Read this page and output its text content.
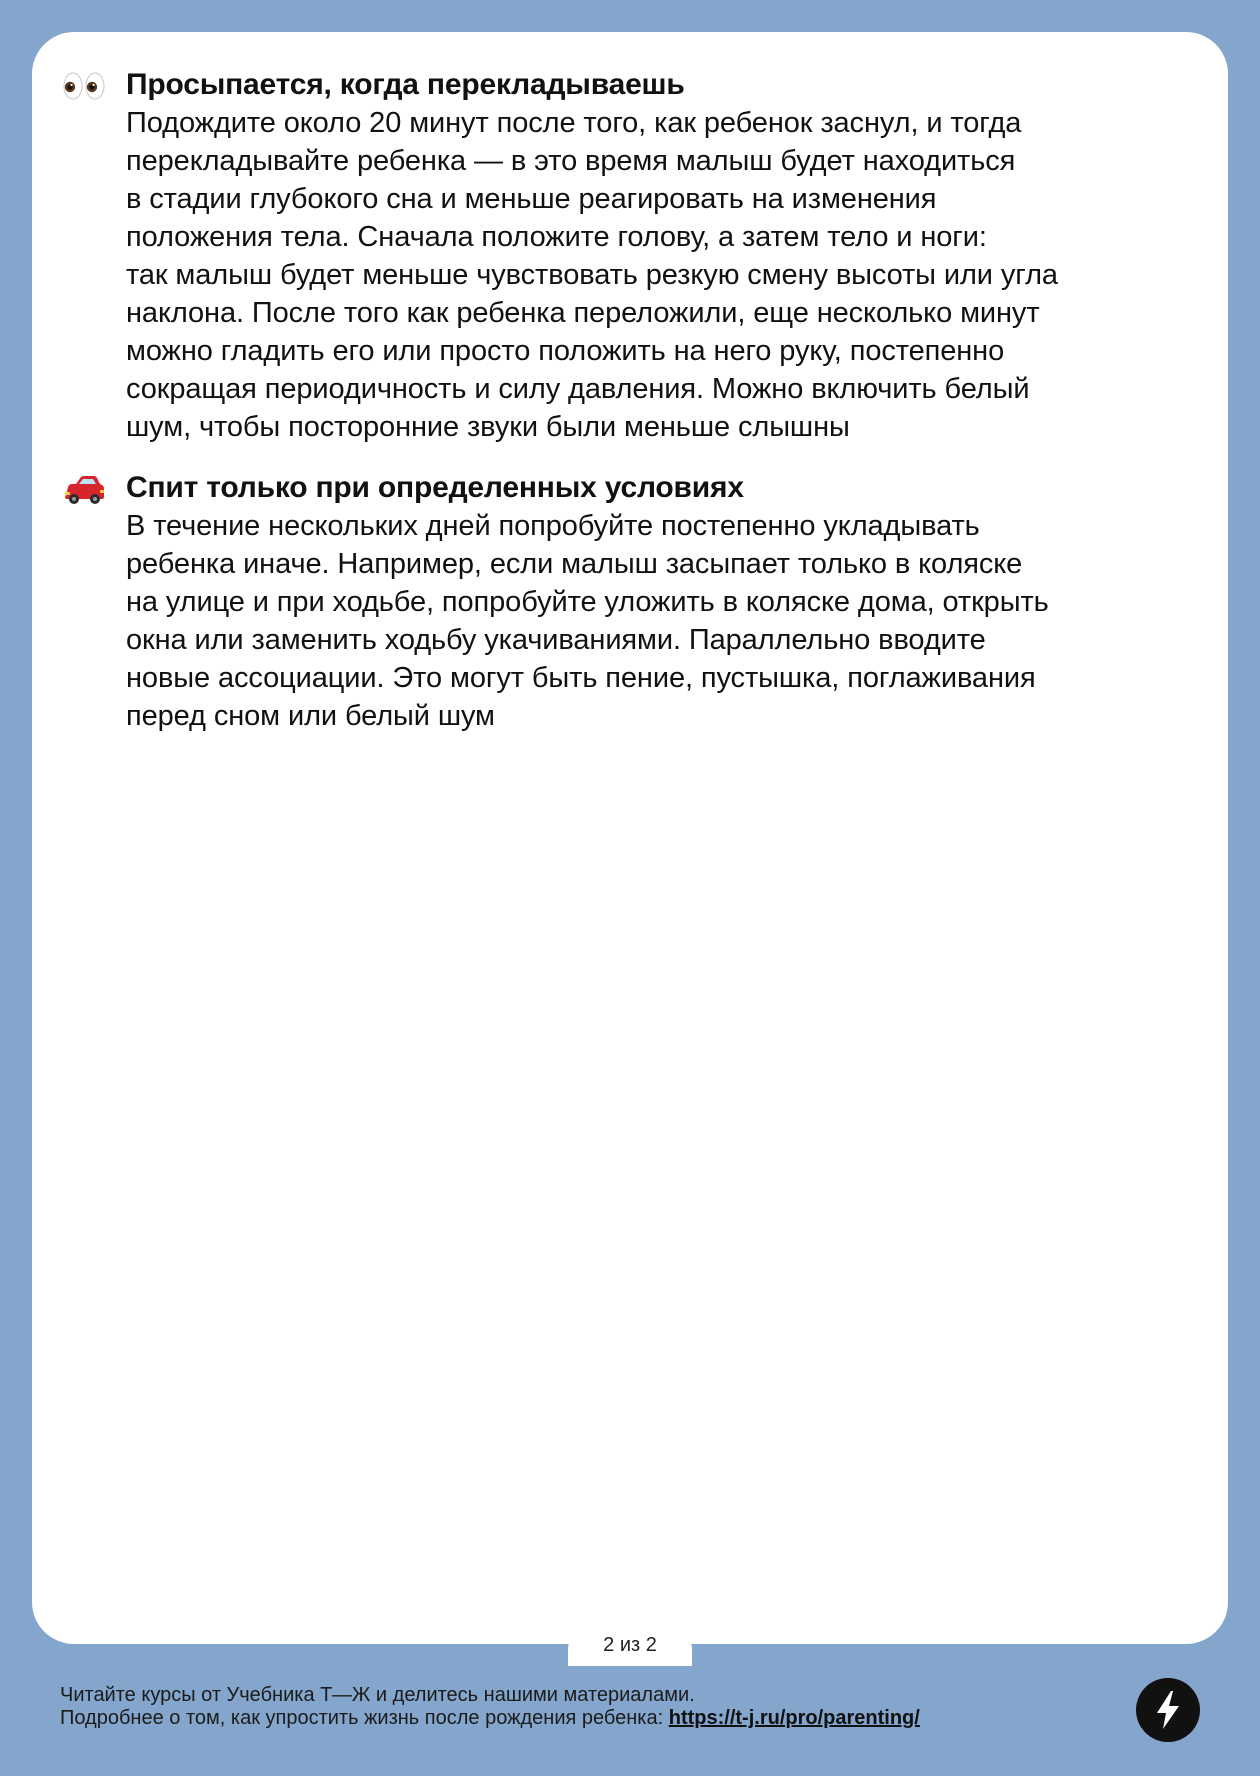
Просыпается, когда перекладываешь

Подождите около 20 минут после того, как ребенок заснул, и тогда
перекладывайте ребенка — в это время малыш будет находиться
в стадии глубокого сна и меньше реагировать на изменения
положения тела. Сначала положите голову, а затем тело и ноги:
так малыш будет меньше чувствовать резкую смену высоты или угла
наклона. После того как ребенка переложили, еще несколько минут
можно гладить его или просто положить на него руку, постепенно
сокращая периодичность и силу давления. Можно включить белый
шум, чтобы посторонние звуки были меньше слышны

Спит только при определенных условиях

В течение нескольких дней попробуйте постепенно укладывать
ребенка иначе. Например, если малыш засыпает только в коляске
на улице и при ходьбе, попробуйте уложить в коляске дома, открыть
окна или заменить ходьбу укачиваниями. Параллельно вводите
новые ассоциации. Это могут быть пение, пустышка, поглаживания
перед сном или белый шум

2 из 2
Читайте курсы от Учебника Т—Ж и делитесь нашими материалами.
Подробнее о том, как упростить жизнь после рождения ребенка: https://t-j.ru/pro/parenting/
